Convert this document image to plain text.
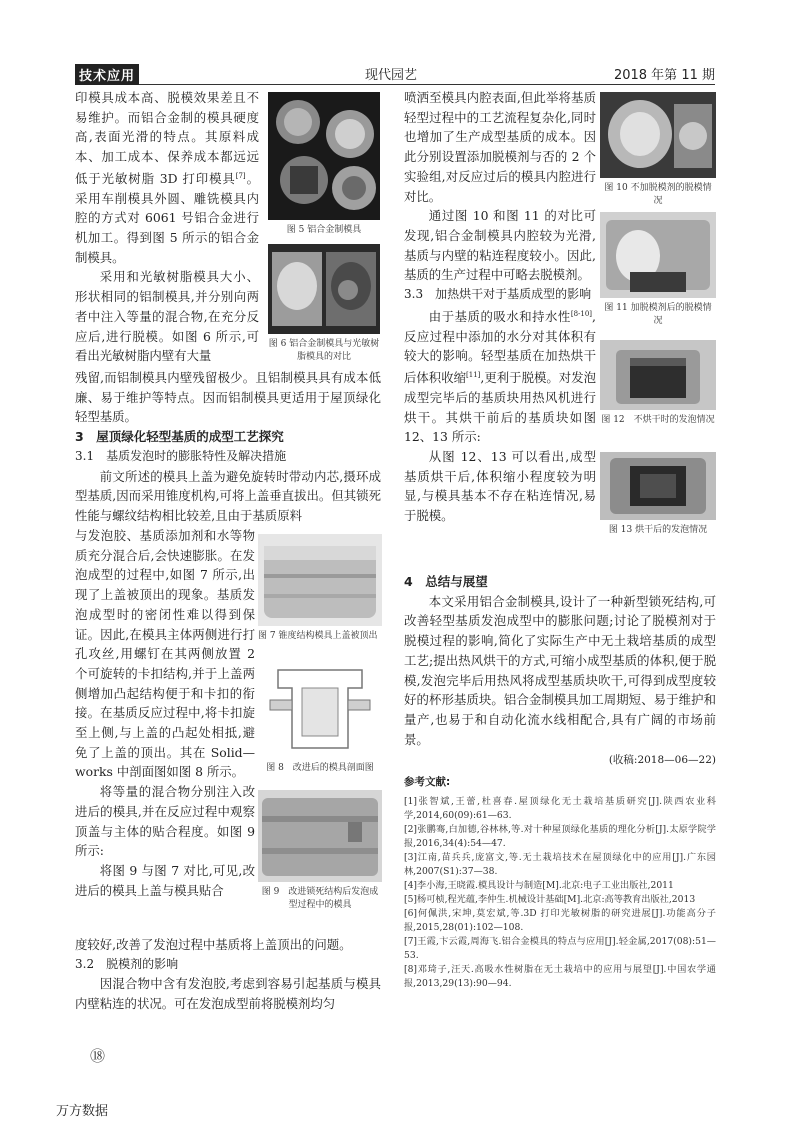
技术应用	现代园艺	2018 年第 11 期

印模具成本高、脱模效果差且不易维护。而铝合金制的模具硬度高,表面光滑的特点。其原料成本、加工成本、保养成本都远远低于光敏树脂 3D 打印模具[7]。采用车削模具外圆、雕铣模具内腔的方式对 6061 号铝合金进行机加工。得到图 5 所示的铝合金制模具。

采用和光敏树脂模具大小、形状相同的铝制模具,并分别向两者中注入等量的混合物,在充分反应后,进行脱模。如图 6 所示,可看出光敏树脂内壁有大量

残留,而铝制模具内壁残留极少。且铝制模具具有成本低廉、易于维护等特点。因而铝制模具更适用于屋顶绿化轻型基质。

3　屋顶绿化轻型基质的成型工艺探究

3.1　基质发泡时的膨胀特性及解决措施

前文所述的模具上盖为避免旋转时带动内芯,摄环成型基质,因而采用锥度机构,可将上盖垂直拔出。但其锁死性能与螺纹结构相比较差,且由于基质原料

与发泡胶、基质添加剂和水等物质充分混合后,会快速膨胀。在发泡成型的过程中,如图 7 所示,出现了上盖被顶出的现象。基质发泡成型时的密闭性难以得到保证。因此,在模具主体两侧进行打孔攻丝,用螺钉在其两侧放置 2 个可旋转的卡扣结构,并于上盖两侧增加凸起结构便于和卡扣的衔接。在基质反应过程中,将卡扣旋至上侧,与上盖的凸起处相抵,避免了上盖的顶出。其在 Solid—works 中剖面图如图 8 所示。

将等量的混合物分别注入改进后的模具,并在反应过程中观察顶盖与主体的贴合程度。如图 9 所示:

将图 9 与图 7 对比,可见,改进后的模具上盖与模具贴合

度较好,改善了发泡过程中基质将上盖顶出的问题。

3.2　脱模剂的影响

因混合物中含有发泡胶,考虑到容易引起基质与模具内壁粘连的状况。可在发泡成型前将脱模剂均匀

图 5 铝合金制模具
图 6 铝合金制模具与光敏树脂模具的对比
图 7 锥度结构模具上盖被顶出
图 8　改进后的模具剖面图
图 9　改进锁死结构后发泡成型过程中的模具

喷洒至模具内腔表面,但此举将基质轻型过程中的工艺流程复杂化,同时也增加了生产成型基质的成本。因此分别设置添加脱模剂与否的 2 个实验组,对反应过后的模具内腔进行对比。

通过图 10 和图 11 的对比可发现,铝合金制模具内腔较为光滑,基质与内壁的粘连程度较小。因此,基质的生产过程中可略去脱模剂。

3.3　加热烘干对于基质成型的影响

由于基质的吸水和持水性[8-10],反应过程中添加的水分对其体积有较大的影响。轻型基质在加热烘干后体积收缩[11],更利于脱模。对发泡成型完毕后的基质块用热风机进行烘干。其烘干前后的基质块如图 12、13 所示:

从图 12、13 可以看出,成型基质烘干后,体积缩小程度较为明显,与模具基本不存在粘连情况,易于脱模。

4　总结与展望

本文采用铝合金制模具,设计了一种新型锁死结构,可改善轻型基质发泡成型中的膨胀问题;讨论了脱模剂对于脱模过程的影响,简化了实际生产中无土栽培基质的成型工艺;提出热风烘干的方式,可缩小成型基质的体积,便于脱模,发泡完毕后用热风将成型基质块吹干,可得到成型度较好的杯形基质块。铝合金制模具加工周期短、易于维护和量产,也易于和自动化流水线相配合,具有广阔的市场前景。

(收稿:2018—06—22)
参考文献:

[1]张智斌,王蕾,杜喜春.屋顶绿化无土栽培基质研究[J].陕西农业科学,2014,60(09):61—63.

[2]张鹏骞,白加德,谷林林,等.对十种屋顶绿化基质的理化分析[J].太原学院学报,2016,34(4):54—47.

[3]江南,苗兵兵,庞富文,等.无土栽培技术在屋顶绿化中的应用[J].广东园林,2007(S1):37—38.

[4]李小海,王晓霞.模具设计与制造[M].北京:电子工业出版社,2011

[5]杨可桢,程光蕴,李仲生.机械设计基础[M].北京:高等教育出版社,2013

[6]何佩洪,宋坤,莫宏斌,等.3D 打印光敏树脂的研究进展[J].功能高分子报,2015,28(01):102—108.

[7]王霞,卞云霞,周海飞.铝合金模具的特点与应用[J].轻金属,2017(08):51—53.

[8]邓琦子,汪天.高吸水性树脂在无土栽培中的应用与展望[J].中国农学通报,2013,29(13):90—94.

图 10 不加脱模剂的脱模情况
图 11 加脱模剂后的脱模情况
图 12　不烘干时的发泡情况
图 13 烘干后的发泡情况
⑱
万方数据
